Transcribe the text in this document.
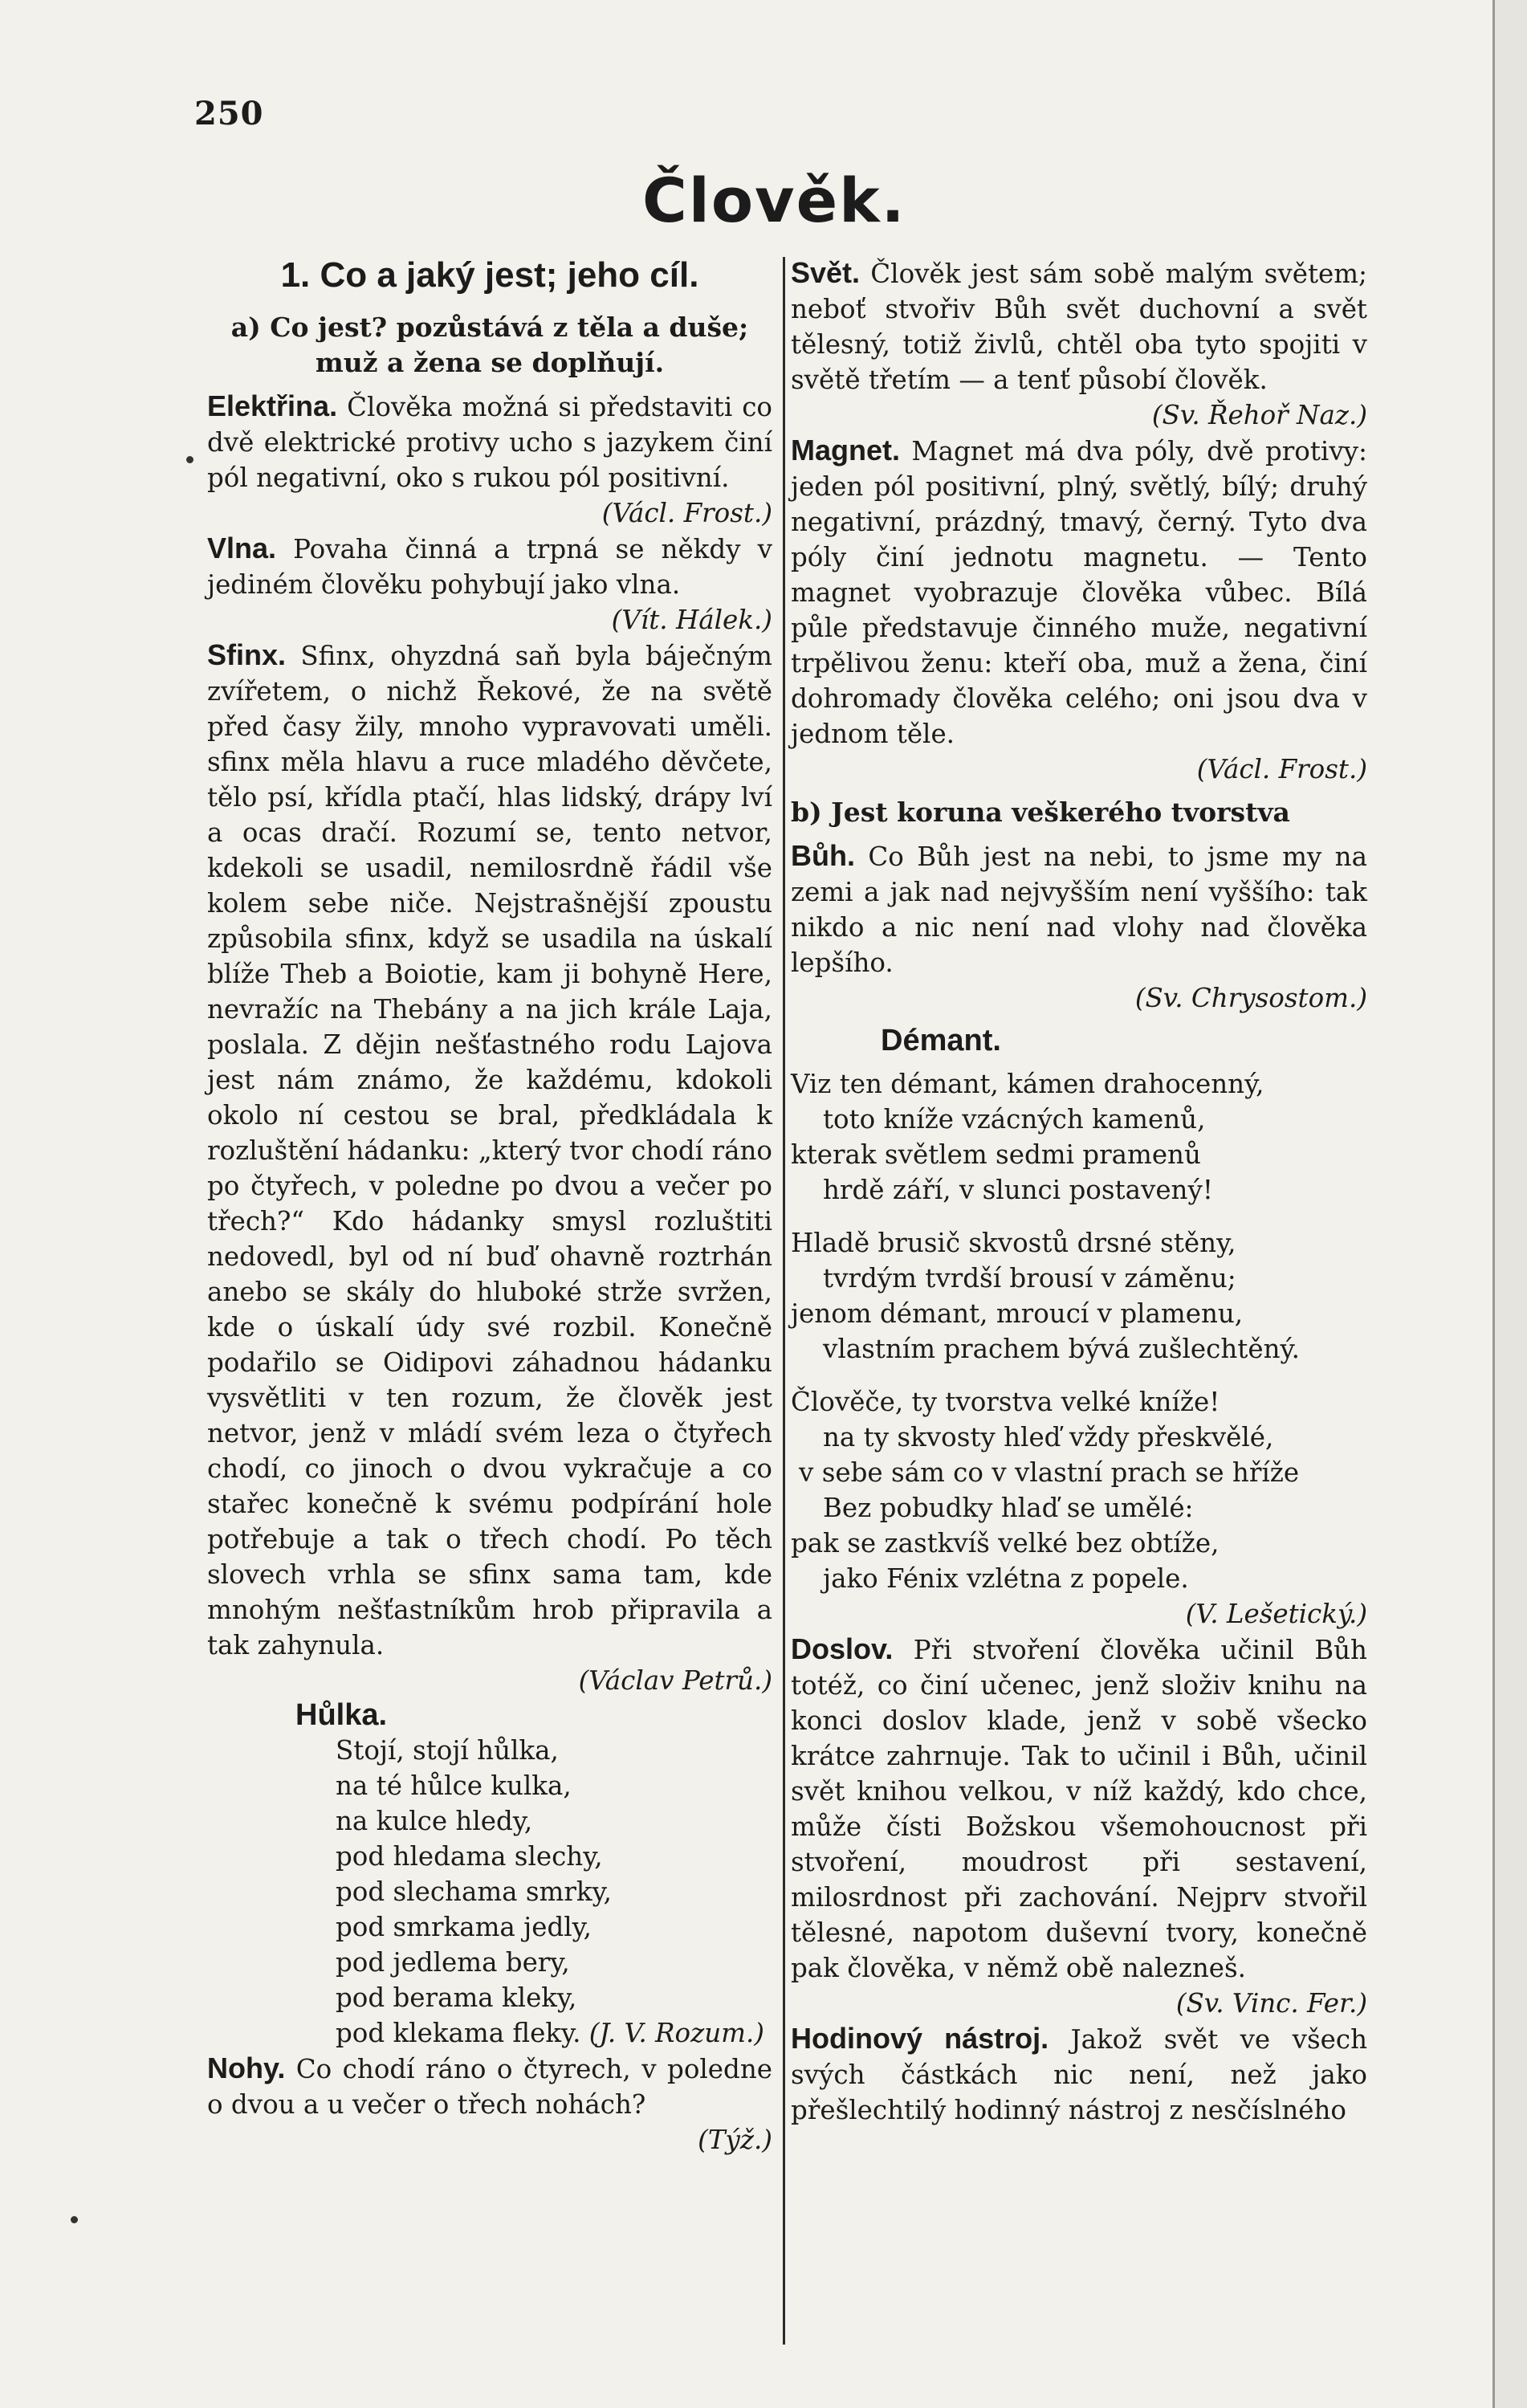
250
Člověk.
1. Co a jaký jest; jeho cíl.

a) Co jest? pozůstává z těla a duše; muž a žena se doplňují.

Elektřina. Člověka možná si představiti co dvě elektrické protivy ucho s jazykem činí pól negativní, oko s rukou pól positivní.

(Václ. Frost.)

Vlna. Povaha činná a trpná se někdy v jediném člověku pohybují jako vlna.

(Vít. Hálek.)

Sfinx. Sfinx, ohyzdná saň byla báječným zvířetem, o nichž Řekové, že na světě před časy žily, mnoho vypravovati uměli. sfinx měla hlavu a ruce mladého děvčete, tělo psí, křídla ptačí, hlas lidský, drápy lví a ocas dračí. Rozumí se, tento netvor, kdekoli se usadil, nemilosrdně řádil vše kolem sebe niče. Nejstrašnější zpoustu způsobila sfinx, když se usadila na úskalí blíže Theb a Boiotie, kam ji bohyně Here, nevražíc na Thebány a na jich krále Laja, poslala. Z dějin nešťastného rodu Lajova jest nám známo, že každému, kdokoli okolo ní cestou se bral, předkládala k rozluštění hádanku: „který tvor chodí ráno po čtyřech, v poledne po dvou a večer po třech?“ Kdo hádanky smysl rozluštiti nedovedl, byl od ní buď ohavně roztrhán anebo se skály do hluboké strže svržen, kde o úskalí údy své rozbil. Konečně podařilo se Oidipovi záhadnou hádanku vysvětliti v ten rozum, že člověk jest netvor, jenž v mládí svém leza o čtyřech chodí, co jinoch o dvou vykračuje a co stařec konečně k svému podpírání hole potřebuje a tak o třech chodí. Po těch slovech vrhla se sfinx sama tam, kde mnohým nešťastníkům hrob připravila a tak zahynula.

(Václav Petrů.)

Hůlka.

Stojí, stojí hůlka,

na té hůlce kulka,

na kulce hledy,

pod hledama slechy,

pod slechama smrky,

pod smrkama jedly,

pod jedlema bery,

pod berama kleky,

pod klekama fleky. (J. V. Rozum.)

Nohy. Co chodí ráno o čtyrech, v poledne o dvou a u večer o třech nohách?

(Týž.)

Svět. Člověk jest sám sobě malým světem; neboť stvořiv Bůh svět duchovní a svět tělesný, totiž živlů, chtěl oba tyto spojiti v světě třetím — a tenť působí člověk.

(Sv. Řehoř Naz.)

Magnet. Magnet má dva póly, dvě protivy: jeden pól positivní, plný, světlý, bílý; druhý negativní, prázdný, tmavý, černý. Tyto dva póly činí jednotu magnetu. — Tento magnet vyobrazuje člověka vůbec. Bílá půle představuje činného muže, negativní trpělivou ženu: kteří oba, muž a žena, činí dohromady člověka celého; oni jsou dva v jednom těle.

(Václ. Frost.)

b) Jest koruna veškerého tvorstva

Bůh. Co Bůh jest na nebi, to jsme my na zemi a jak nad nejvyšším není vyššího: tak nikdo a nic není nad vlohy nad člověka lepšího.

(Sv. Chrysostom.)

Démant.

Viz ten démant, kámen drahocenný,

toto kníže vzácných kamenů,

kterak světlem sedmi pramenů

hrdě září, v slunci postavený!

Hladě brusič skvostů drsné stěny,

tvrdým tvrdší brousí v záměnu;

jenom démant, mroucí v plamenu,

vlastním prachem bývá zušlechtěný.

Člověče, ty tvorstva velké kníže!

na ty skvosty hleď vždy přeskvělé,

v sebe sám co v vlastní prach se hříže

Bez pobudky hlaď se umělé:

pak se zastkvíš velké bez obtíže,

jako Fénix vzlétna z popele.

(V. Lešetický.)

Doslov. Při stvoření člověka učinil Bůh totéž, co činí učenec, jenž složiv knihu na konci doslov klade, jenž v sobě všecko krátce zahrnuje. Tak to učinil i Bůh, učinil svět knihou velkou, v níž každý, kdo chce, může čísti Božskou všemohoucnost při stvoření, moudrost při sestavení, milosrdnost při zachování. Nejprv stvořil tělesné, napotom duševní tvory, konečně pak člověka, v němž obě nalezneš.

(Sv. Vinc. Fer.)

Hodinový nástroj. Jakož svět ve všech svých částkách nic není, než jako přešlechtilý hodinný nástroj z nesčíslného
